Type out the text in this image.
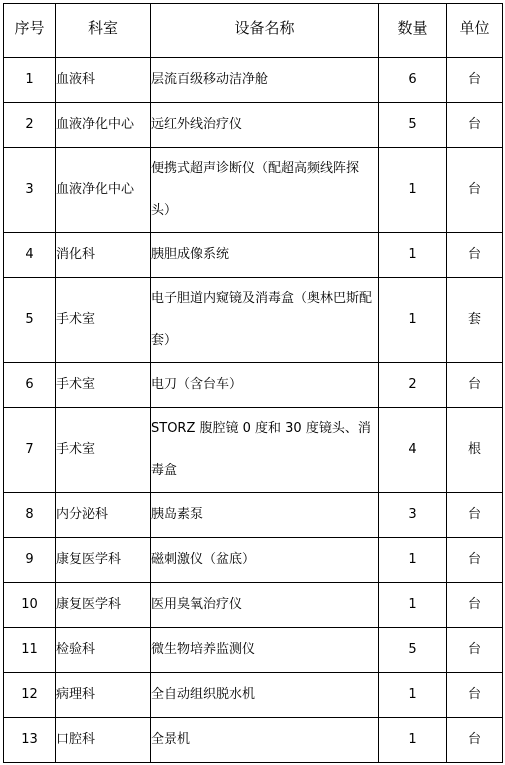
序号	科室	设备名称	数量	单位
1	血液科	层流百级移动洁净舱	6	台
2	血液净化中心	远红外线治疗仪	5	台
3	血液净化中心	便携式超声诊断仪（配超高频线阵探头）	1	台
4	消化科	胰胆成像系统	1	台
5	手术室	电子胆道内窥镜及消毒盒（奥林巴斯配套）	1	套
6	手术室	电刀（含台车）	2	台
7	手术室	STORZ 腹腔镜 0 度和 30 度镜头、消毒盒	4	根
8	内分泌科	胰岛素泵	3	台
9	康复医学科	磁刺激仪（盆底）	1	台
10	康复医学科	医用臭氧治疗仪	1	台
11	检验科	微生物培养监测仪	5	台
12	病理科	全自动组织脱水机	1	台
13	口腔科	全景机	1	台
